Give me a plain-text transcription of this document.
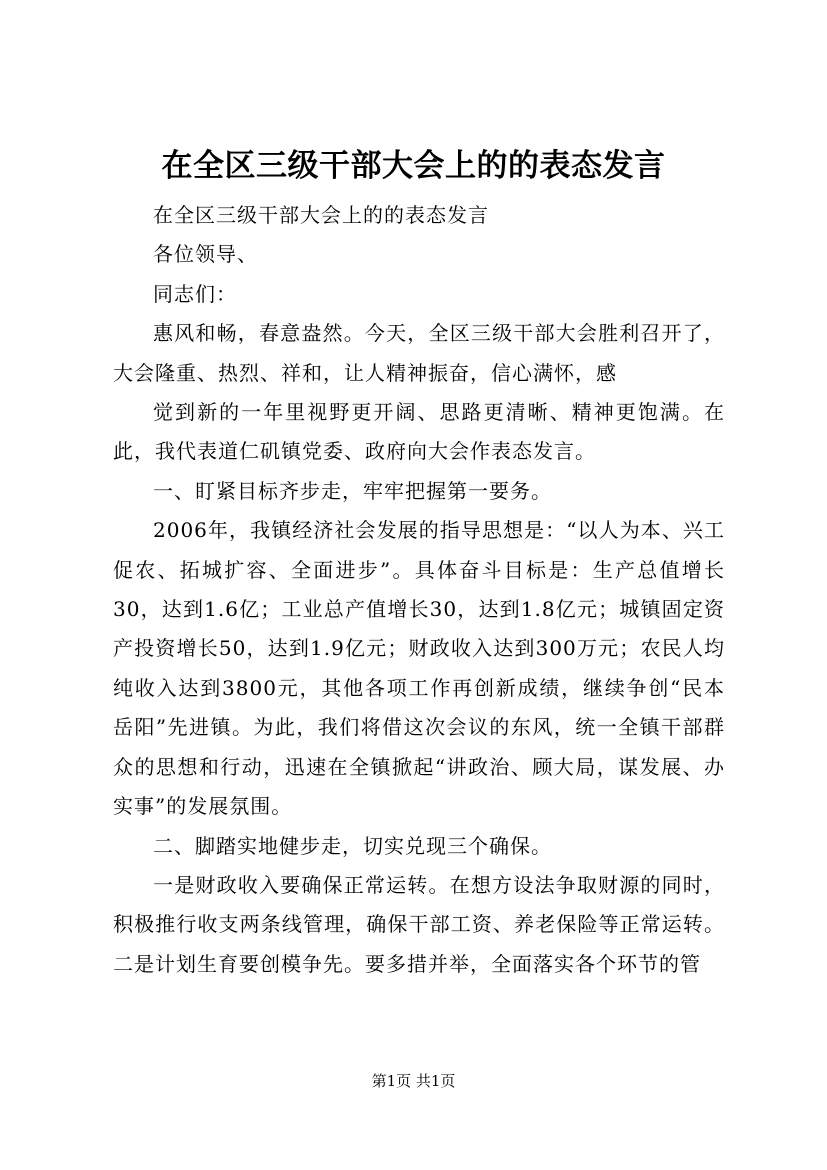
在全区三级干部大会上的的表态发言

在全区三级干部大会上的的表态发言

各位领导、

同志们：

惠风和畅，春意盎然。今天，全区三级干部大会胜利召开了，大会隆重、热烈、祥和，让人精神振奋，信心满怀，感

觉到新的一年里视野更开阔、思路更清晰、精神更饱满。在此，我代表道仁矶镇党委、政府向大会作表态发言。

一、盯紧目标齐步走，牢牢把握第一要务。

2006年，我镇经济社会发展的指导思想是：“以人为本、兴工促农、拓城扩容、全面进步”。具体奋斗目标是：生产总值增长30，达到1.6亿；工业总产值增长30，达到1.8亿元；城镇固定资产投资增长50，达到1.9亿元；财政收入达到300万元；农民人均纯收入达到3800元，其他各项工作再创新成绩，继续争创“民本岳阳”先进镇。为此，我们将借这次会议的东风，统一全镇干部群众的思想和行动，迅速在全镇掀起“讲政治、顾大局，谋发展、办实事”的发展氛围。

二、脚踏实地健步走，切实兑现三个确保。

一是财政收入要确保正常运转。在想方设法争取财源的同时，积极推行收支两条线管理，确保干部工资、养老保险等正常运转。二是计划生育要创模争先。要多措并举，全面落实各个环节的管

第1页 共1页
